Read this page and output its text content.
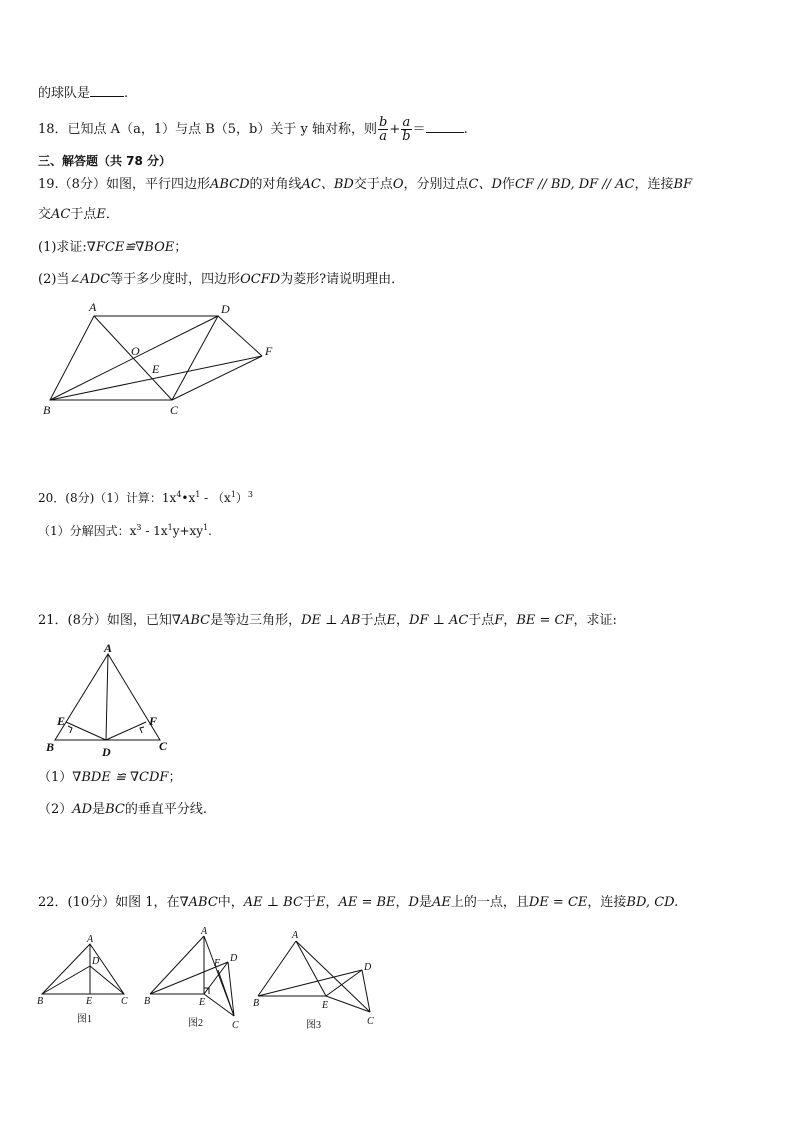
的球队是	.
18．已知点 A（a，1）与点 B（5，b）关于 y 轴对称，则 $\frac{b}{a} + \frac{a}{b}$ ＝	.
三、解答题（共 78 分）
19.（8分）如图，平行四边形ABCD的对角线AC、BD交于点O，分别过点C、D作CF // BD, DF // AC，连接BF
交AC于点E．
(1)求证:∇FCE≌∇BOE；
(2)当∠ADC等于多少度时，四边形OCFD为菱形?请说明理由．
A	D
O
E
F
B	C
20．(8分)（1）计算：$1x^4•x^1 - (x^1)^3$
（1）分解因式：$x^3 - 1x^1y+xy^1$.
21．(8分）如图，已知∇ABC是等边三角形，DE ⊥ AB于点E，DF ⊥ AC于点F，BE = CF，求证:
A
E	F
B	D	C
（1）∇BDE ≌ ∇CDF；
（2）AD是BC的垂直平分线.
22．(10分）如图 1，在∇ABC中，AE ⊥ BC于E，AE = BE，D是AE上的一点，且DE = CE，连接BD, CD.
A
D
B	E	C
图1
A
F D
B	E
C
图2
A
D
B	E
C
图3
